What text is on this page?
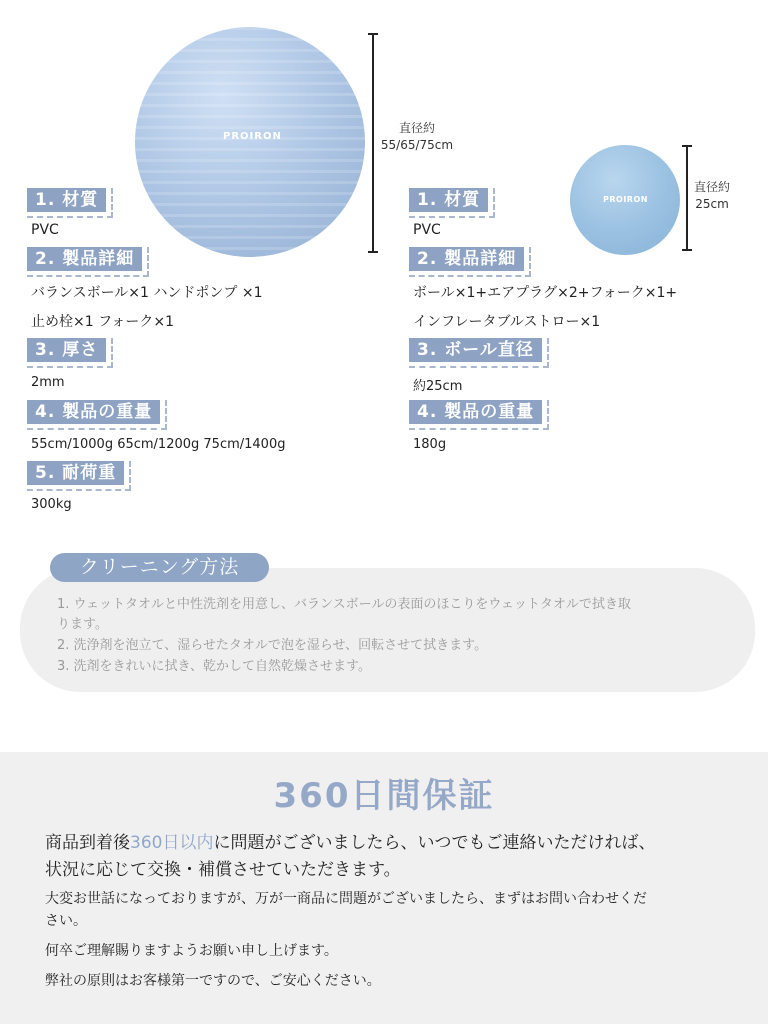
PROIRON
直径約
55/65/75cm
PROIRON
直径約
25cm
1. 材質
PVC
2. 製品詳細
バランスボール×1 ハンドポンプ ×1
止め栓×1 フォーク×1
3. 厚さ
2mm
4. 製品の重量
55cm/1000g 65cm/1200g 75cm/1400g
5. 耐荷重
300kg
1. 材質
PVC
2. 製品詳細
ボール×1+エアプラグ×2+フォーク×1+
インフレータブルストロー×1
3. ボール直径
約25cm
4. 製品の重量
180g
クリーニング方法
1. ウェットタオルと中性洗剤を用意し、バランスボールの表面のほこりをウェットタオルで拭き取
ります。
2. 洗浄剤を泡立て、湿らせたタオルで泡を湿らせ、回転させて拭きます。
3. 洗剤をきれいに拭き、乾かして自然乾燥させます。
360日間保証
商品到着後360日以内に問題がございましたら、いつでもご連絡いただければ、
状況に応じて交換・補償させていただきます。
大変お世話になっておりますが、万が一商品に問題がございましたら、まずはお問い合わせくだ
さい。
何卒ご理解賜りますようお願い申し上げます。
弊社の原則はお客様第一ですので、ご安心ください。
